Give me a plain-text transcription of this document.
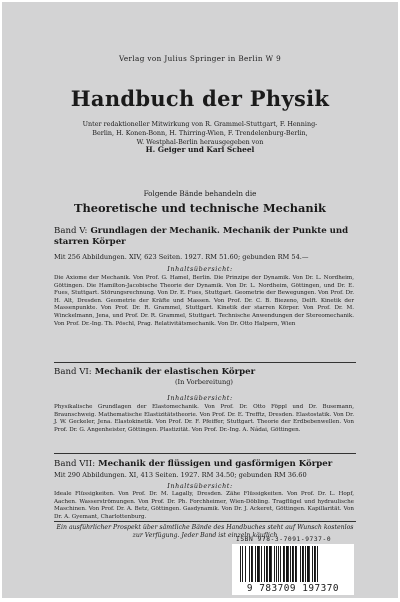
Verlag von Julius Springer in Berlin W 9
Handbuch der Physik
Unter redaktioneller Mitwirkung von R. Grammel-Stuttgart, F. Henning-
Berlin, H. Konen-Bonn, H. Thirring-Wien, F. Trendelenburg-Berlin,
W. Westphal-Berlin herausgegeben von
H. Geiger und Karl Scheel
Folgende Bände behandeln die
Theoretische und technische Mechanik
Band V: Grundlagen der Mechanik. Mechanik der Punkte und starren Körper
Mit 256 Abbildungen. XIV, 623 Seiten. 1927. RM 51.60; gebunden RM 54.—
Inhaltsübersicht:
Die Axiome der Mechanik. Von Prof. G. Hamel, Berlin. Die Prinzipe der Dynamik. Von Dr. L. Nordheim, Göttingen. Die Hamilton-Jacobische Theorie der Dynamik. Von Dr. L. Nordheim, Göttingen, und Dr. E. Fues, Stuttgart. Störungsrechnung. Von Dr. E. Fues, Stuttgart. Geometrie der Bewegungen. Von Prof. Dr. H. Alt, Dresden. Geometrie der Kräfte und Massen. Von Prof. Dr. C. B. Biezeno, Delft. Kinetik der Massenpunkte. Von Prof. Dr. R. Grammel, Stuttgart. Kinetik der starren Körper. Von Prof. Dr. M. Winckelmann, Jena, und Prof. Dr. R. Grammel, Stuttgart. Technische Anwendungen der Stereomechanik. Von Prof. Dr.-Ing. Th. Pöschl, Prag. Relativitätsmechanik. Von Dr. Otto Halpern, Wien
Band VI: Mechanik der elastischen Körper
(In Vorbereitung)
Inhaltsübersicht:
Physikalische Grundlagen der Elastomechanik. Von Prof. Dr. Otto Föppl und Dr. Busemann, Braunschweig. Mathematische Elastizitätstheorie. Von Prof. Dr. E. Trefftz, Dresden. Elastostatik. Von Dr. J. W. Geckeler, Jena. Elastokinetik. Von Prof. Dr. F. Pfeiffer, Stuttgart. Theorie der Erdbebenwellen. Von Prof. Dr. G. Angenheister, Göttingen. Plastizität. Von Prof. Dr.-Ing. A. Nádai, Göttingen.
Band VII: Mechanik der flüssigen und gasförmigen Körper
Mit 290 Abbildungen. XI, 413 Seiten. 1927. RM 34.50; gebunden RM 36.60
Inhaltsübersicht:
Ideale Flüssigkeiten. Von Prof. Dr. M. Lagally, Dresden. Zähe Flüssigkeiten. Von Prof. Dr. L. Hopf, Aachen. Wasserströmungen. Von Prof. Dr. Ph. Forchheimer, Wien-Döbling. Tragflügel und hydraulische Maschinen. Von Prof. Dr. A. Betz, Göttingen. Gasdynamik. Von Dr. J. Ackeret, Göttingen. Kapillarität. Von Dr. A. Gyemant, Charlottenburg.
Ein ausführlicher Prospekt über sämtliche Bände des Handbuches steht auf Wunsch kostenlos zur Verfügung. Jeder Band ist einzeln käuflich
ISBN 978-3-7091-9737-0
9 783709 197370
